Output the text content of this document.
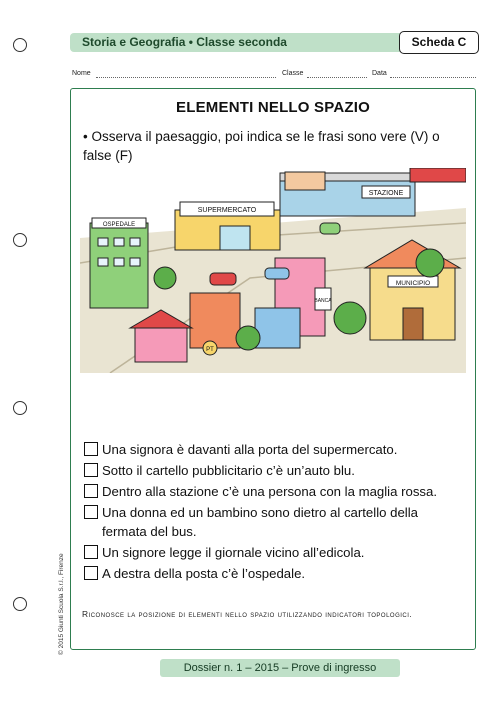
Storia e Geografia • Classe seconda	Scheda C
Nome	Classe	Data
ELEMENTI NELLO SPAZIO
• Osserva il paesaggio, poi indica se le frasi sono vere (V) o false (F)
STAZIONE
SUPERMERCATO
OSPEDALE
MUNICIPIO
BANCA
PT
Una signora è davanti alla porta del supermercato.
Sotto il cartello pubblicitario c’è un’auto blu.
Dentro alla stazione c’è una persona con la maglia rossa.
Una donna ed un bambino sono dietro al cartello della fermata del bus.
Un signore legge il giornale vicino all’edicola.
A destra della posta c’è l’ospedale.
Riconosce la posizione di elementi nello spazio utilizzando indicatori topologici.
Dossier n. 1 – 2015 – Prove di ingresso
© 2015 Giunti Scuola S.r.l., Firenze
